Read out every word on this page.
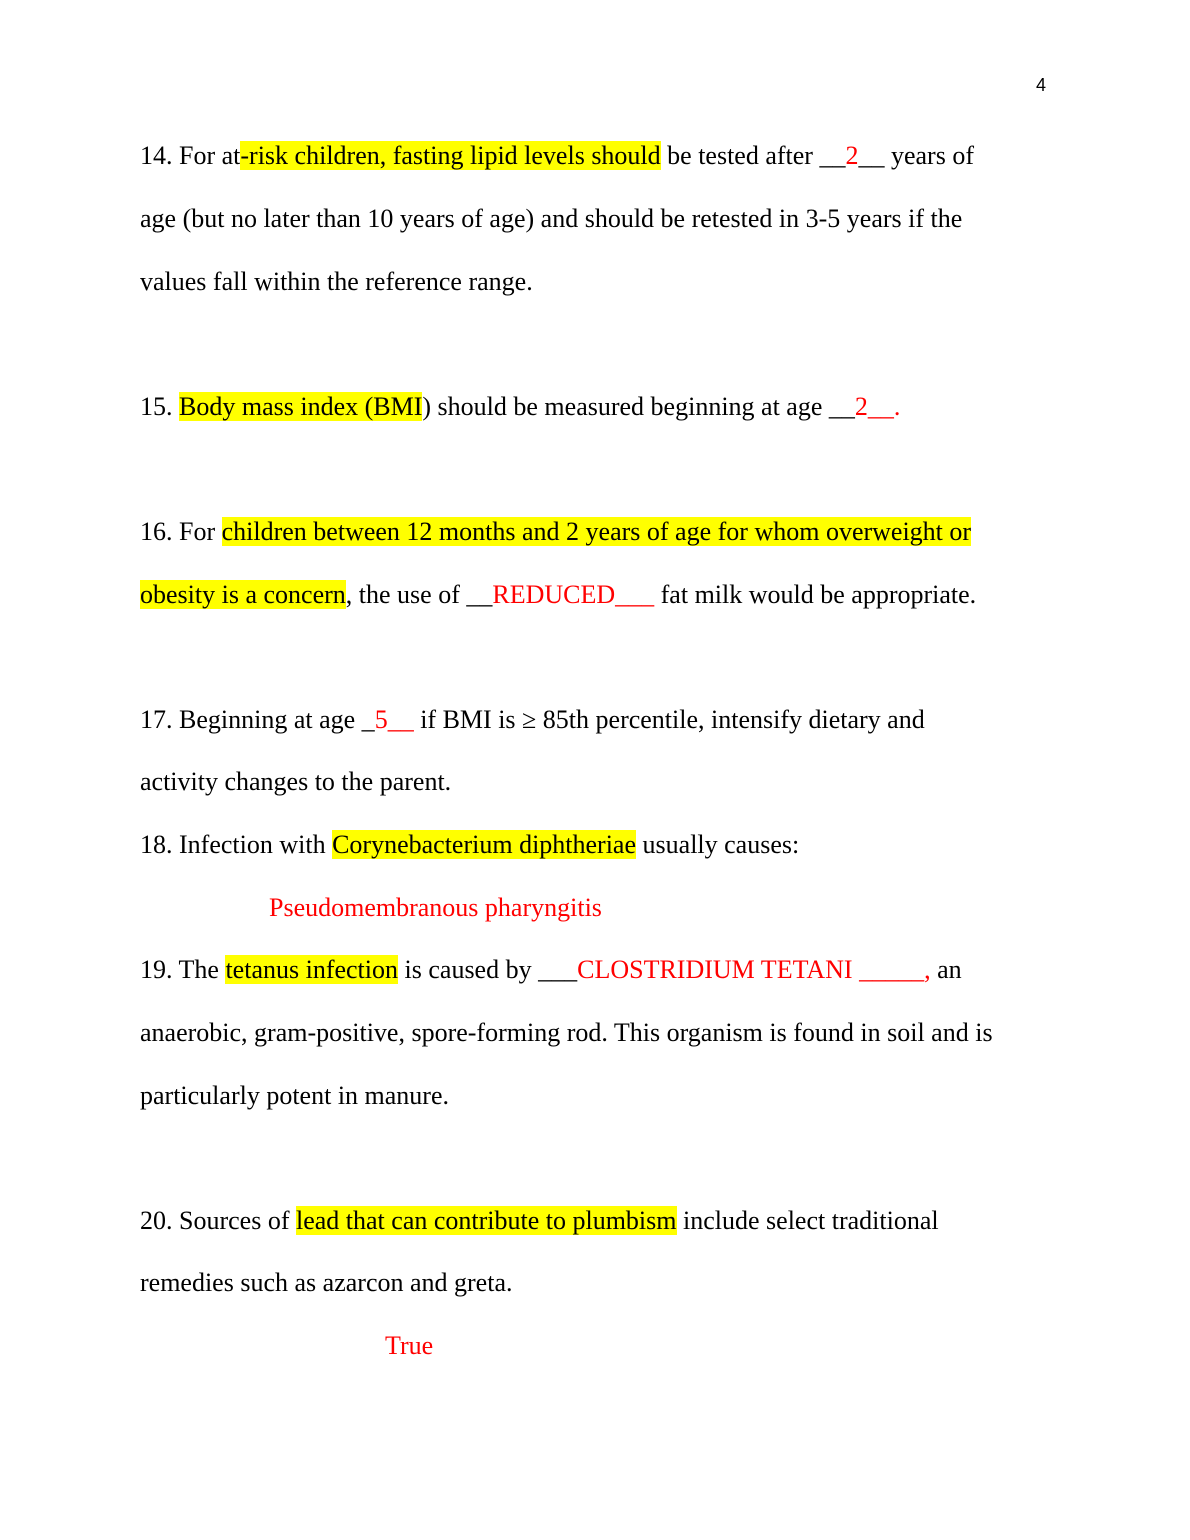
4
14. For at-risk children, fasting lipid levels should be tested after __2__ years of
age (but no later than 10 years of age) and should be retested in 3-5 years if the
values fall within the reference range.
15. Body mass index (BMI) should be measured beginning at age __2__.
16. For children between 12 months and 2 years of age for whom overweight or
obesity is a concern, the use of __REDUCED___ fat milk would be appropriate.
17. Beginning at age _5__ if BMI is ≥ 85th percentile, intensify dietary and
activity changes to the parent.
18. Infection with Corynebacterium diphtheriae usually causes:
Pseudomembranous pharyngitis
19. The tetanus infection is caused by ___CLOSTRIDIUM TETANI _____, an
anaerobic, gram-positive, spore-forming rod. This organism is found in soil and is
particularly potent in manure.
20. Sources of lead that can contribute to plumbism include select traditional
remedies such as azarcon and greta.
True
